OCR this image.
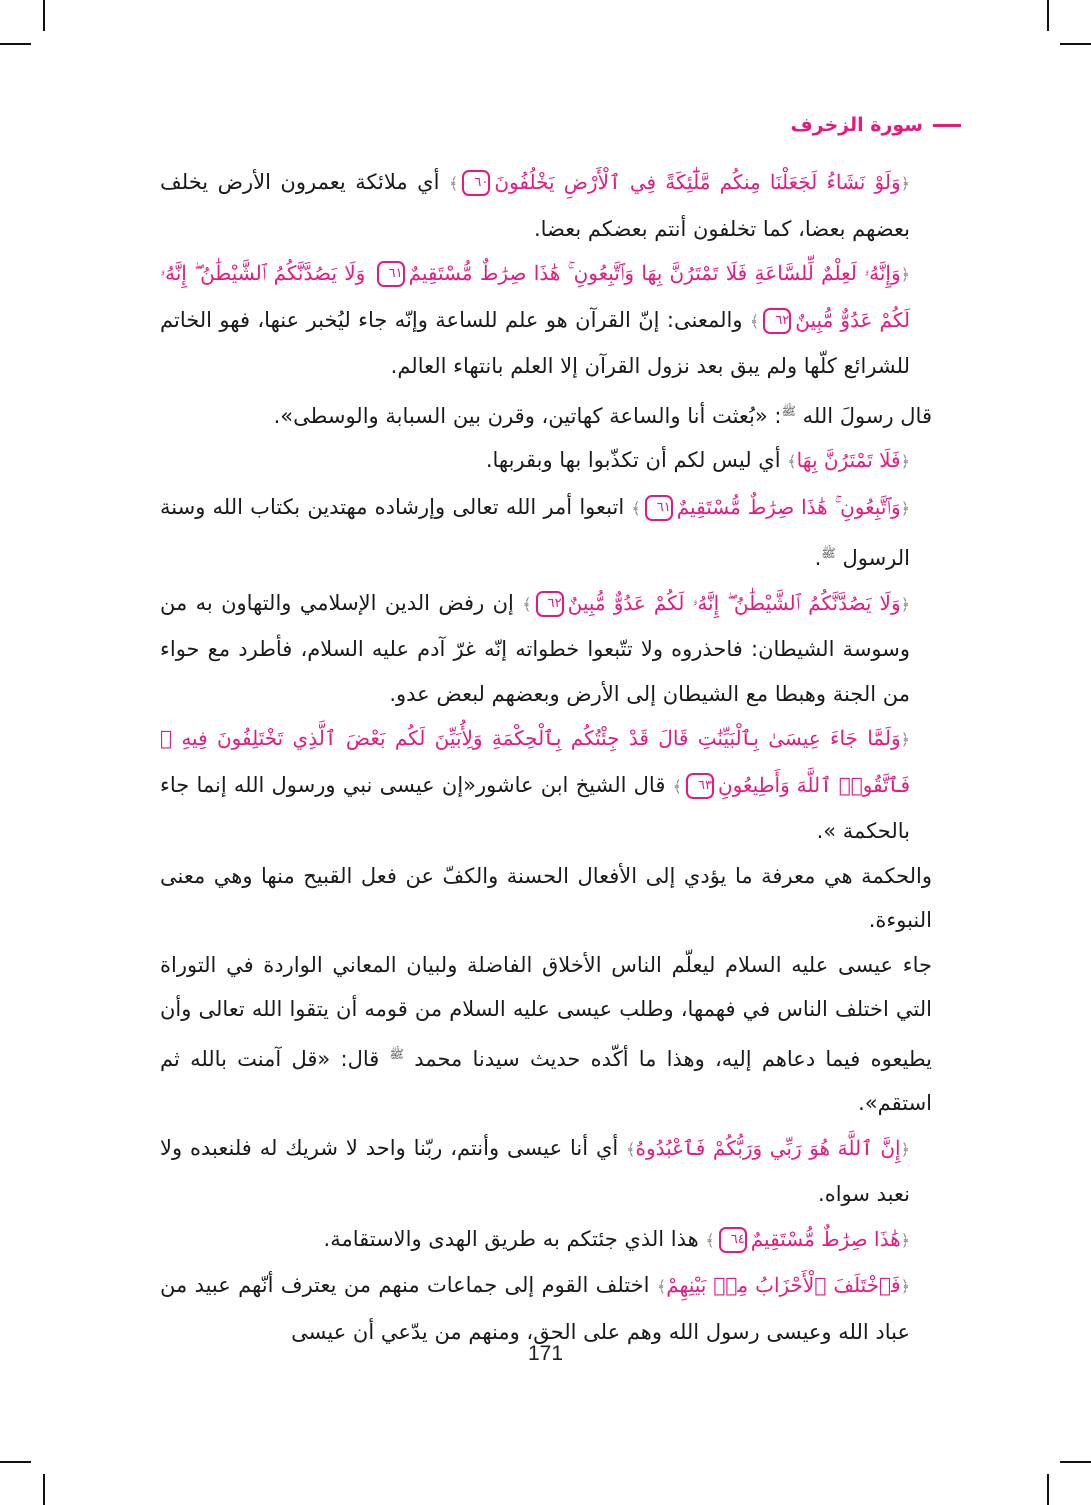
سورة الزخرف

﴿وَلَوْ نَشَاءُ لَجَعَلْنَا مِنكُم مَّلَٰٓئِكَةً فِي ٱلْأَرْضِ يَخْلُفُونَ٦٠﴾ أي ملائكة يعمرون الأرض يخلف بعضهم بعضا، كما تخلفون أنتم بعضكم بعضا.

﴿وَإِنَّهُۥ لَعِلْمٌ لِّلسَّاعَةِ فَلَا تَمْتَرُنَّ بِهَا وَٱتَّبِعُونِ ۚ هَٰذَا صِرَٰطٌ مُّسْتَقِيمٌ٦١ وَلَا يَصُدَّنَّكُمُ ٱلشَّيْطَٰنُ ۖ إِنَّهُۥ لَكُمْ عَدُوٌّ مُّبِينٌ٦٢﴾ والمعنى: إنّ القرآن هو علم للساعة وإنّه جاء ليُخبر عنها، فهو الخاتم للشرائع كلّها ولم يبق بعد نزول القرآن إلا العلم بانتهاء العالم.

قال رسولَ الله $^ﷺ$: «بُعثت أنا والساعة كهاتين، وقرن بين السبابة والوسطى».

﴿فَلَا تَمْتَرُنَّ بِهَا﴾ أي ليس لكم أن تكذّبوا بها وبقربها.

﴿وَٱتَّبِعُونِ ۚ هَٰذَا صِرَٰطٌ مُّسْتَقِيمٌ٦١﴾ اتبعوا أمر الله تعالى وإرشاده مهتدين بكتاب الله وسنة الرسول $^ﷺ$.

﴿وَلَا يَصُدَّنَّكُمُ ٱلشَّيْطَٰنُ ۖ إِنَّهُۥ لَكُمْ عَدُوٌّ مُّبِينٌ٦٢﴾ إن رفض الدين الإسلامي والتهاون به من وسوسة الشيطان: فاحذروه ولا تتّبعوا خطواته إنّه غرّ آدم عليه السلام، فأطرد مع حواء من الجنة وهبطا مع الشيطان إلى الأرض وبعضهم لبعض عدو.

﴿وَلَمَّا جَاءَ عِيسَىٰ بِٱلْبَيِّنَٰتِ قَالَ قَدْ جِئْتُكُم بِٱلْحِكْمَةِ وَلِأُبَيِّنَ لَكُم بَعْضَ ٱلَّذِي تَخْتَلِفُونَ فِيهِ ۖ فَٱتَّقُوا۟ ٱللَّهَ وَأَطِيعُونِ٦٣﴾ قال الشيخ ابن عاشور«إن عيسى نبي ورسول الله إنما جاء بالحكمة ».

والحكمة هي معرفة ما يؤدي إلى الأفعال الحسنة والكفّ عن فعل القبيح منها وهي معنى النبوءة.

جاء عيسى عليه السلام ليعلّم الناس الأخلاق الفاضلة ولبيان المعاني الواردة في التوراة التي اختلف الناس في فهمها، وطلب عيسى عليه السلام من قومه أن يتقوا الله تعالى وأن يطيعوه فيما دعاهم إليه، وهذا ما أكّده حديث سيدنا محمد $^ﷺ$ قال: «قل آمنت بالله ثم استقم».

﴿إِنَّ ٱللَّهَ هُوَ رَبِّي وَرَبُّكُمْ فَٱعْبُدُوهُ﴾ أي أنا عيسى وأنتم، ربّنا واحد لا شريك له فلنعبده ولا نعبد سواه.

﴿هَٰذَا صِرَٰطٌ مُّسْتَقِيمٌ٦٤﴾ هذا الذي جئتكم به طريق الهدى والاستقامة.

﴿فَٱخْتَلَفَ ٱلْأَحْزَابُ مِنۢ بَيْنِهِمْ﴾ اختلف القوم إلى جماعات منهم من يعترف أنّهم عبيد من عباد الله وعيسى رسول الله وهم على الحق، ومنهم من يدّعي أن عيسى

171
